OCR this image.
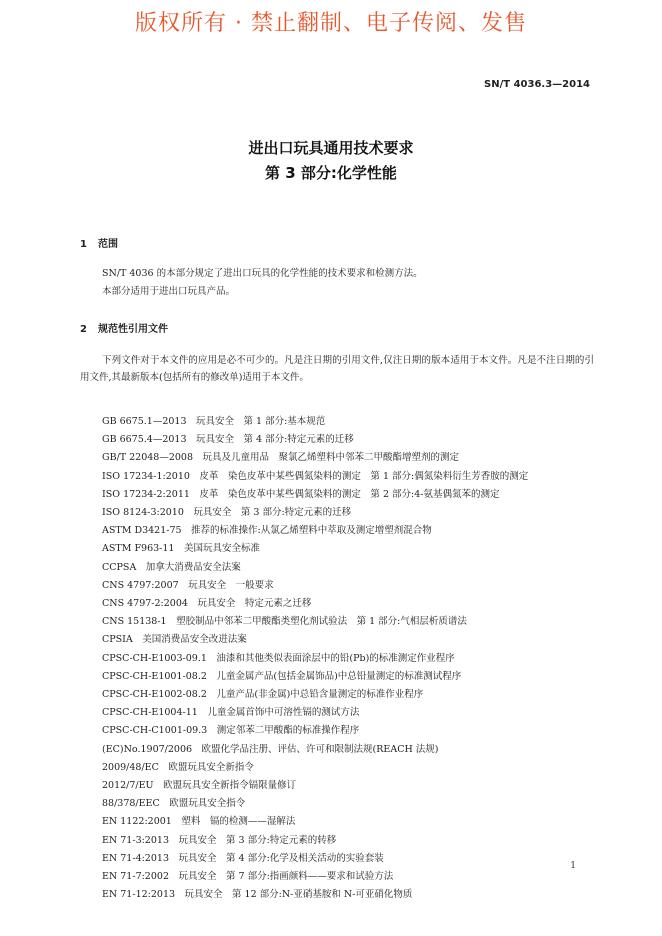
版权所有 · 禁止翻制、电子传阅、发售
SN/T 4036.3—2014
进出口玩具通用技术要求
第 3 部分:化学性能
1 范围
SN/T 4036 的本部分规定了进出口玩具的化学性能的技术要求和检测方法。
本部分适用于进出口玩具产品。
2 规范性引用文件
下列文件对于本文件的应用是必不可少的。凡是注日期的引用文件,仅注日期的版本适用于本文件。凡是不注日期的引用文件,其最新版本(包括所有的修改单)适用于本文件。
GB 6675.1—2013　玩具安全　第 1 部分:基本规范
GB 6675.4—2013　玩具安全　第 4 部分:特定元素的迁移
GB/T 22048—2008　玩具及儿童用品　聚氯乙烯塑料中邻苯二甲酸酯增塑剂的测定
ISO 17234-1:2010　皮革　染色皮革中某些偶氮染料的测定　第 1 部分:偶氮染料衍生芳香胺的测定
ISO 17234-2:2011　皮革　染色皮革中某些偶氮染料的测定　第 2 部分:4-氨基偶氮苯的测定
ISO 8124-3:2010　玩具安全　第 3 部分:特定元素的迁移
ASTM D3421-75　推荐的标准操作:从氯乙烯塑料中萃取及测定增塑剂混合物
ASTM F963-11　美国玩具安全标准
CCPSA　加拿大消费品安全法案
CNS 4797:2007　玩具安全　一般要求
CNS 4797-2:2004　玩具安全　特定元素之迁移
CNS 15138-1　塑胶制品中邻苯二甲酸酯类塑化剂试验法　第 1 部分:气相层析质谱法
CPSIA　美国消费品安全改进法案
CPSC-CH-E1003-09.1　油漆和其他类似表面涂层中的铅(Pb)的标准测定作业程序
CPSC-CH-E1001-08.2　儿童金属产品(包括金属饰品)中总铅量测定的标准测试程序
CPSC-CH-E1002-08.2　儿童产品(非金属)中总铅含量测定的标准作业程序
CPSC-CH-E1004-11　儿童金属首饰中可溶性镉的测试方法
CPSC-CH-C1001-09.3　测定邻苯二甲酸酯的标准操作程序
(EC)No.1907/2006　欧盟化学品注册、评估、许可和限制法规(REACH 法规)
2009/48/EC　欧盟玩具安全新指令
2012/7/EU　欧盟玩具安全新指令镉限量修订
88/378/EEC　欧盟玩具安全指令
EN 1122:2001　塑料　镉的检测——湿解法
EN 71-3:2013　玩具安全　第 3 部分:特定元素的转移
EN 71-4:2013　玩具安全　第 4 部分:化学及相关活动的实验套装
EN 71-7:2002　玩具安全　第 7 部分:指画颜料——要求和试验方法
EN 71-12:2013　玩具安全　第 12 部分:N-亚硝基胺和 N-可亚硝化物质
1
